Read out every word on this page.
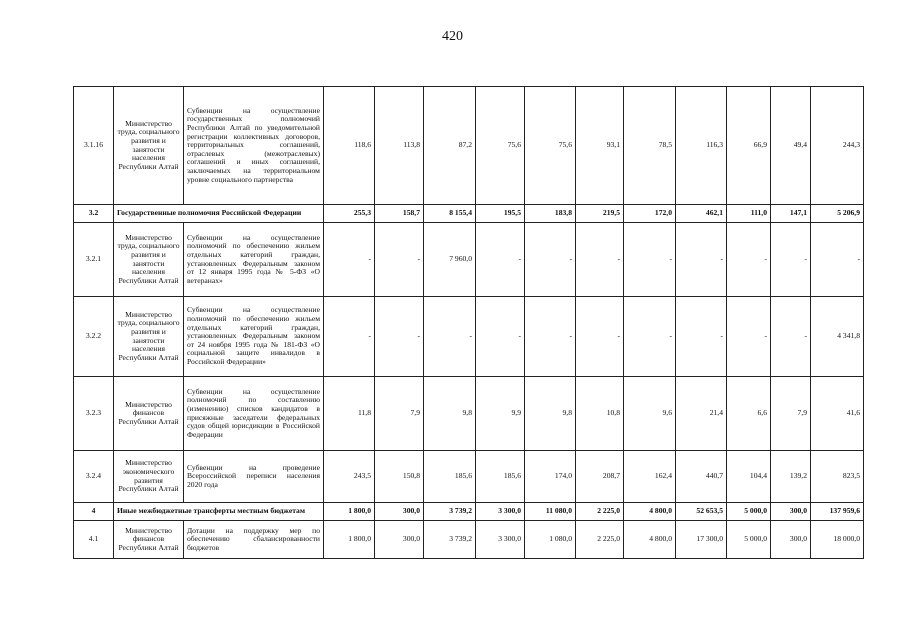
420
3.1.16	Министерство труда, социального развития и занятости населения Республики Алтай	Субвенции на осуществление государственных полномочий Республики Алтай по уведомительной регистрации коллективных договоров, территориальных соглашений, отраслевых (межотраслевых) соглашений и иных соглашений, заключаемых на территориальном уровне социального партнерства	118,6	113,8	87,2	75,6	75,6	93,1	78,5	116,3	66,9	49,4	244,3
3.2	Государственные полномочия Российской Федерации		255,3	158,7	8 155,4	195,5	183,8	219,5	172,0	462,1	111,0	147,1	5 206,9
3.2.1	Министерство труда, социального развития и занятости населения Республики Алтай	Субвенции на осуществление полномочий по обеспечению жильем отдельных категорий граждан, установленных Федеральным законом от 12 января 1995 года № 5-ФЗ «О ветеранах»	-	-	7 960,0	-	-	-	-	-	-	-	-
3.2.2	Министерство труда, социального развития и занятости населения Республики Алтай	Субвенции на осуществление полномочий по обеспечению жильем отдельных категорий граждан, установленных Федеральным законом от 24 ноября 1995 года № 181-ФЗ «О социальной защите инвалидов в Российской Федерации»	-	-	-	-	-	-	-	-	-	-	4 341,8
3.2.3	Министерство финансов Республики Алтай	Субвенции на осуществление полномочий по составлению (изменению) списков кандидатов в присяжные заседатели федеральных судов общей юрисдикции в Российской Федерации	11,8	7,9	9,8	9,9	9,8	10,8	9,6	21,4	6,6	7,9	41,6
3.2.4	Министерство экономического развития Республики Алтай	Субвенции на проведение Всероссийской переписи населения 2020 года	243,5	150,8	185,6	185,6	174,0	208,7	162,4	440,7	104,4	139,2	823,5
4	Иные межбюджетные трансферты местным бюджетам		1 800,0	300,0	3 739,2	3 300,0	11 080,0	2 225,0	4 800,0	52 653,5	5 000,0	300,0	137 959,6
4.1	Министерство финансов Республики Алтай	Дотации на поддержку мер по обеспечению сбалансированности бюджетов	1 800,0	300,0	3 739,2	3 300,0	1 080,0	2 225,0	4 800,0	17 300,0	5 000,0	300,0	18 000,0
